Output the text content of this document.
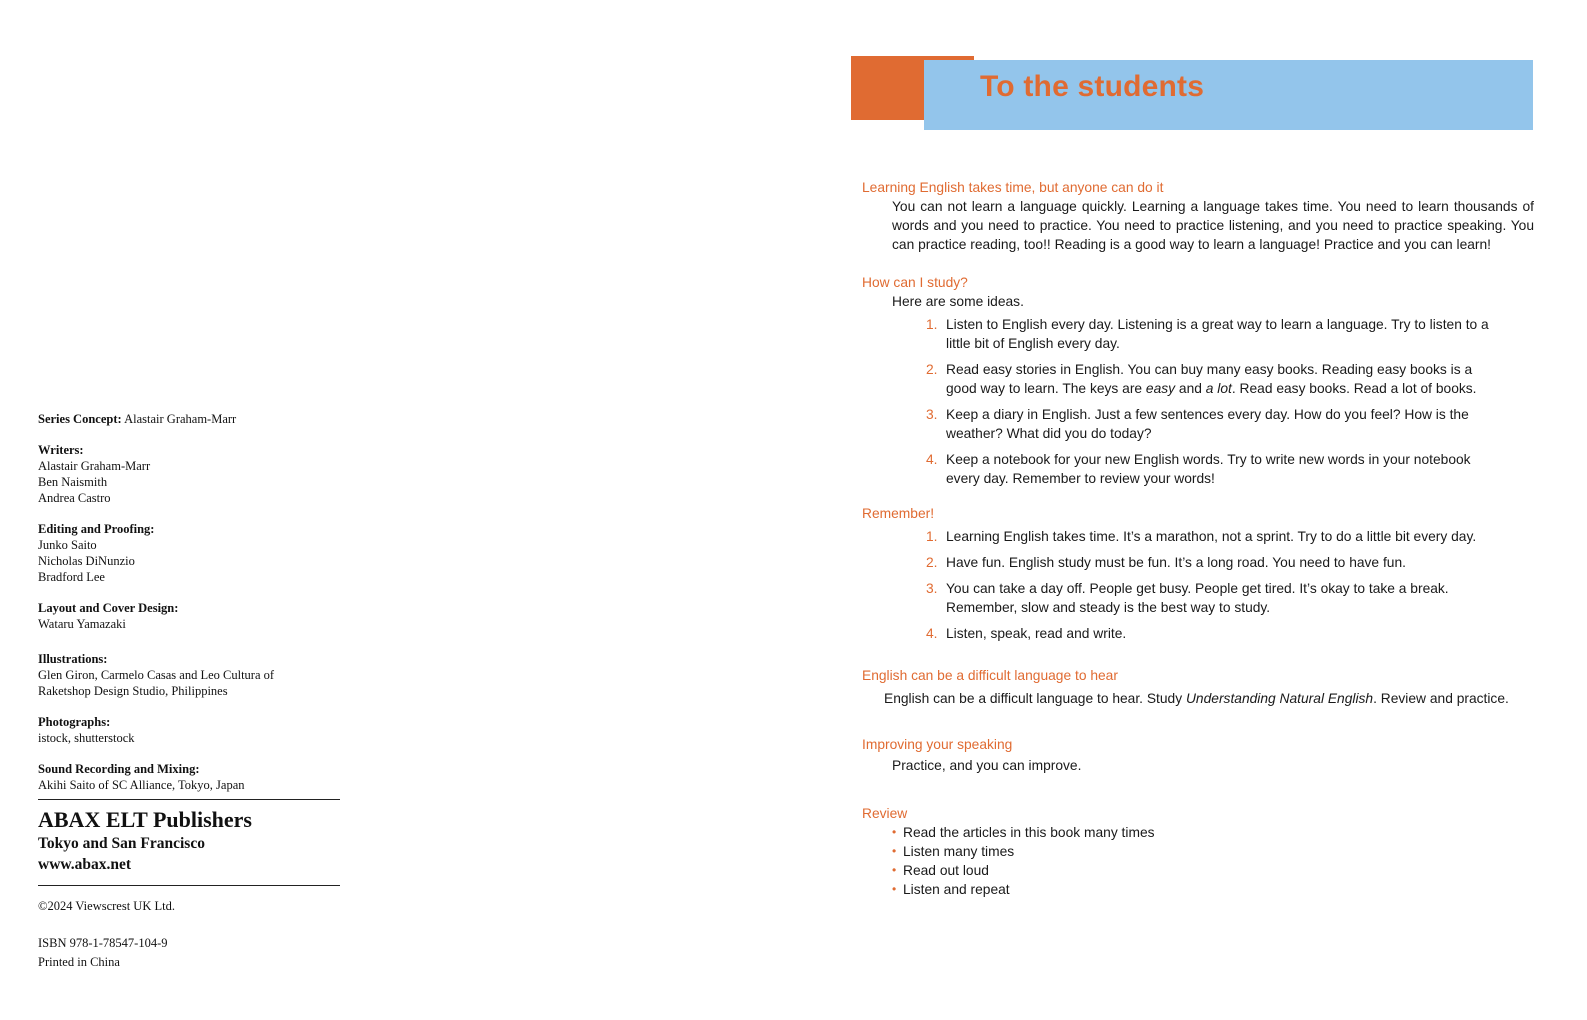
Series Concept: Alastair Graham-Marr
Writers:
Alastair Graham-Marr
Ben Naismith
Andrea Castro
Editing and Proofing:
Junko Saito
Nicholas DiNunzio
Bradford Lee
Layout and Cover Design:
Wataru Yamazaki
Illustrations:
Glen Giron, Carmelo Casas and Leo Cultura of
Raketshop Design Studio, Philippines
Photographs:
istock, shutterstock
Sound Recording and Mixing:
Akihi Saito of SC Alliance, Tokyo, Japan
ABAX ELT Publishers
Tokyo and San Francisco
www.abax.net
©2024 Viewscrest UK Ltd.
ISBN 978-1-78547-104-9
Printed in China
To the students
Learning English takes time, but anyone can do it
You can not learn a language quickly. Learning a language takes time. You need to learn thousands of words and you need to practice. You need to practice listening, and you need to practice speaking. You can practice reading, too!! Reading is a good way to learn a language! Practice and you can learn!
How can I study?
Here are some ideas.
1. Listen to English every day. Listening is a great way to learn a language. Try to listen to a little bit of English every day.
2. Read easy stories in English. You can buy many easy books. Reading easy books is a good way to learn. The keys are easy and a lot. Read easy books. Read a lot of books.
3. Keep a diary in English. Just a few sentences every day. How do you feel? How is the weather? What did you do today?
4. Keep a notebook for your new English words. Try to write new words in your notebook every day. Remember to review your words!
Remember!
1. Learning English takes time. It’s a marathon, not a sprint. Try to do a little bit every day.
2. Have fun. English study must be fun. It’s a long road. You need to have fun.
3. You can take a day off. People get busy. People get tired. It’s okay to take a break. Remember, slow and steady is the best way to study.
4. Listen, speak, read and write.
English can be a difficult language to hear
English can be a difficult language to hear. Study Understanding Natural English. Review and practice.
Improving your speaking
Practice, and you can improve.
Review
• Read the articles in this book many times
• Listen many times
• Read out loud
• Listen and repeat
